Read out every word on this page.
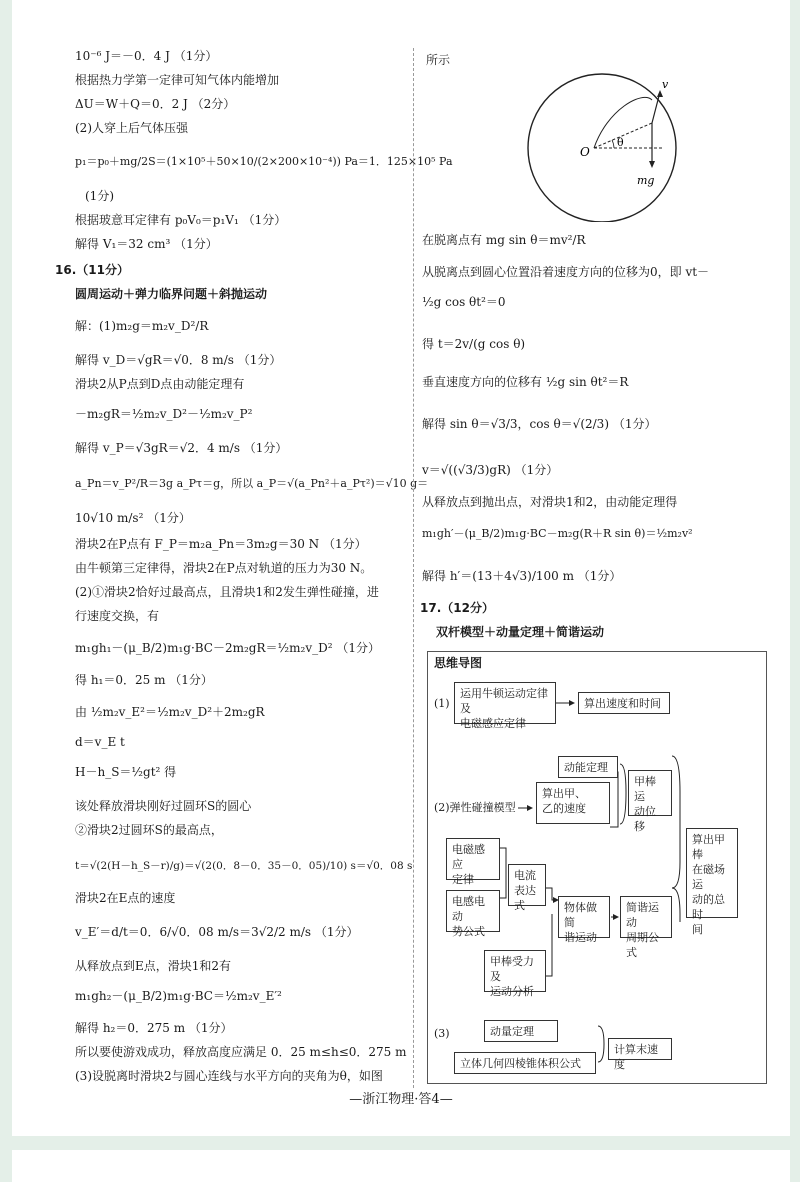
10⁻⁶ J＝－0．4 J （1分）
根据热力学第一定律可知气体内能增加
ΔU＝W＋Q＝0．2 J （2分）
(2)人穿上后气体压强
p₁＝p₀＋mg/2S＝(1×10⁵＋50×10/(2×200×10⁻⁴)) Pa＝1．125×10⁵ Pa
(1分)
根据玻意耳定律有 p₀V₀＝p₁V₁ （1分）
解得 V₁＝32 cm³ （1分）
16.（11分）
圆周运动＋弹力临界问题＋斜抛运动
解：(1)m₂g＝m₂v_D²/R
解得 v_D＝√gR＝√0．8 m/s （1分）
滑块2从P点到D点由动能定理有
－m₂gR＝½m₂v_D²－½m₂v_P²
解得 v_P＝√3gR＝√2．4 m/s （1分）
a_Pn＝v_P²/R＝3g a_Pτ＝g，所以 a_P＝√(a_Pn²＋a_Pτ²)＝√10 g＝
10√10 m/s² （1分）
滑块2在P点有 F_P＝m₂a_Pn＝3m₂g＝30 N （1分）
由牛顿第三定律得，滑块2在P点对轨道的压力为30 N。
(2)①滑块2恰好过最高点，且滑块1和2发生弹性碰撞，进
行速度交换，有
m₁gh₁－(μ_B/2)m₁g·BC－2m₂gR＝½m₂v_D² （1分）
得 h₁＝0．25 m （1分）
由 ½m₂v_E²＝½m₂v_D²＋2m₂gR
d＝v_E t
H－h_S＝½gt² 得
该处释放滑块刚好过圆环S的圆心
②滑块2过圆环S的最高点，
t＝√(2(H－h_S－r)/g)＝√(2(0．8－0．35－0．05)/10) s＝√0．08 s
滑块2在E点的速度
v_E′＝d/t＝0．6/√0．08 m/s＝3√2/2 m/s （1分）
从释放点到E点，滑块1和2有
m₁gh₂－(μ_B/2)m₁g·BC＝½m₂v_E′²
解得 h₂＝0．275 m （1分）
所以要使游戏成功，释放高度应满足 0．25 m≤h≤0．275 m
(3)设脱离时滑块2与圆心连线与水平方向的夹角为θ，如图
所示
v
O
θ
mg
在脱离点有 mg sin θ＝mv²/R
从脱离点到圆心位置沿着速度方向的位移为0，即 vt－
½g cos θt²＝0
得 t＝2v/(g cos θ)
垂直速度方向的位移有 ½g sin θt²＝R
解得 sin θ＝√3/3，cos θ＝√(2/3) （1分）
v＝√((√3/3)gR) （1分）
从释放点到抛出点，对滑块1和2，由动能定理得
m₁gh′－(μ_B/2)m₁g·BC－m₂g(R＋R sin θ)＝½m₂v²
解得 h′＝(13＋4√3)/100 m （1分）
17.（12分）
双杆模型＋动量定理＋简谐运动
思维导图
(1)
运用牛顿运动定律及
电磁感应定律
算出速度和时间
(2)弹性碰撞模型
算出甲、
乙的速度
动能定理
甲棒运
动位移
电磁感应
定律
电感电动
势公式
电流
表达式	物体做简
谐运动
简谐运动
周期公式
甲棒受力及
运动分析
算出甲棒
在磁场运
动的总时
间
(3)	动量定理
立体几何四棱锥体积公式
计算末速度
—浙江物理·答4—
